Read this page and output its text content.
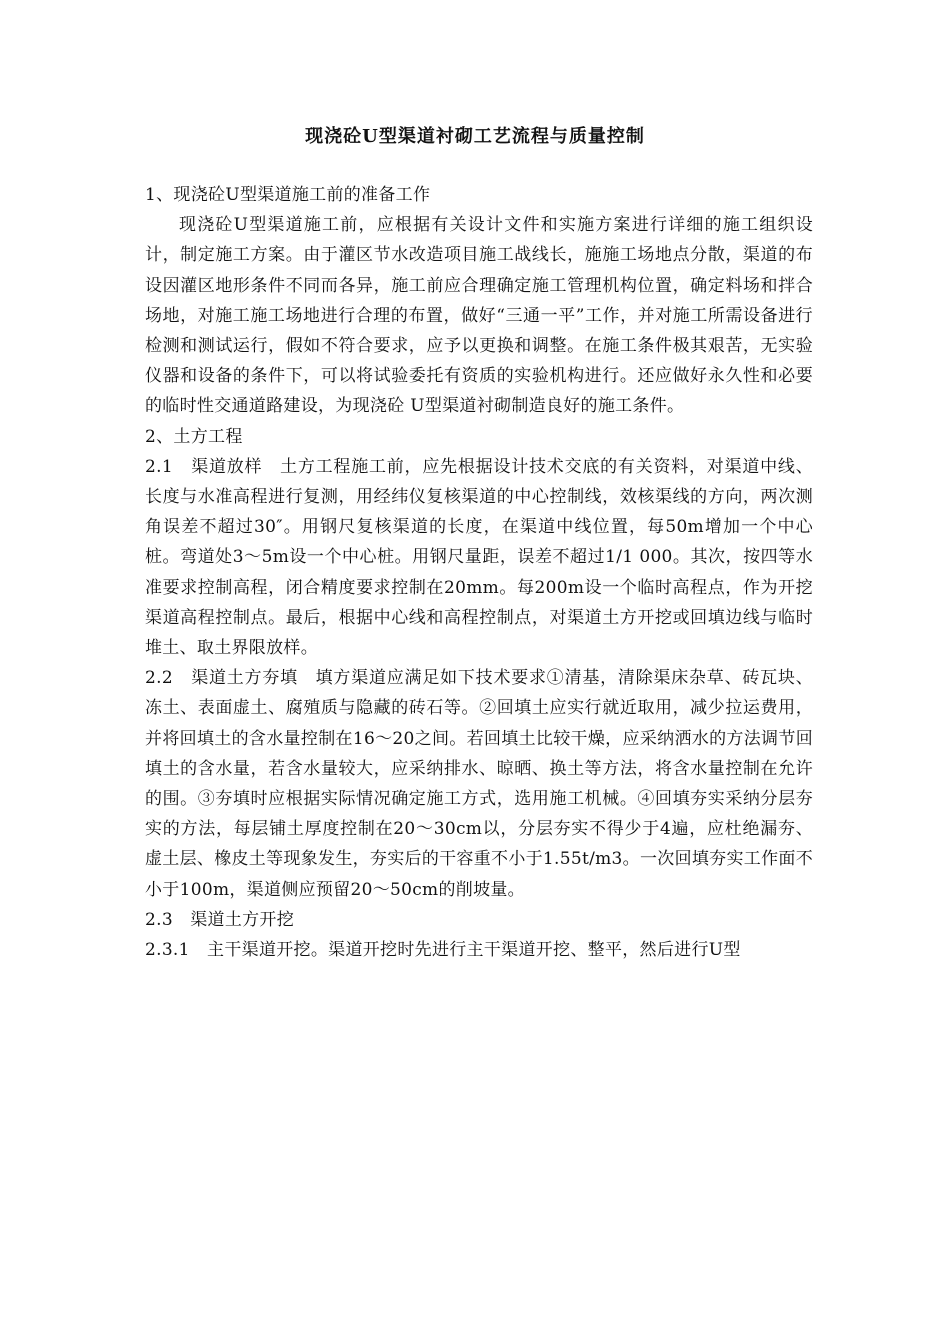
现浇砼U型渠道衬砌工艺流程与质量控制

1、现浇砼U型渠道施工前的准备工作

现浇砼U型渠道施工前，应根据有关设计文件和实施方案进行详细的施工组织设计，制定施工方案。由于灌区节水改造项目施工战线长，施施工场地点分散，渠道的布设因灌区地形条件不同而各异，施工前应合理确定施工管理机构位置，确定料场和拌合场地，对施工施工场地进行合理的布置，做好“三通一平”工作，并对施工所需设备进行检测和测试运行，假如不符合要求，应予以更换和调整。在施工条件极其艰苦，无实验仪器和设备的条件下，可以将试验委托有资质的实验机构进行。还应做好永久性和必要的临时性交通道路建设，为现浇砼 U型渠道衬砌制造良好的施工条件。

2、土方工程

2.1　渠道放样　土方工程施工前，应先根据设计技术交底的有关资料，对渠道中线、长度与水准高程进行复测，用经纬仪复核渠道的中心控制线，效核渠线的方向，两次测角误差不超过30″。用钢尺复核渠道的长度，在渠道中线位置，每50m增加一个中心桩。弯道处3～5m设一个中心桩。用钢尺量距，误差不超过1/1 000。其次，按四等水准要求控制高程，闭合精度要求控制在20mm。每200m设一个临时高程点，作为开挖渠道高程控制点。最后，根据中心线和高程控制点，对渠道土方开挖或回填边线与临时堆土、取土界限放样。

2.2　渠道土方夯填　填方渠道应满足如下技术要求①清基，清除渠床杂草、砖瓦块、冻土、表面虚土、腐殖质与隐藏的砖石等。②回填土应实行就近取用，减少拉运费用，并将回填土的含水量控制在16～20之间。若回填土比较干燥，应采纳洒水的方法调节回填土的含水量，若含水量较大，应采纳排水、晾晒、换土等方法，将含水量控制在允许的围。③夯填时应根据实际情况确定施工方式，选用施工机械。④回填夯实采纳分层夯实的方法，每层铺土厚度控制在20～30cm以，分层夯实不得少于4遍，应杜绝漏夯、虚土层、橡皮土等现象发生，夯实后的干容重不小于1.55t/m3。一次回填夯实工作面不小于100m，渠道侧应预留20～50cm的削坡量。

2.3　渠道土方开挖

2.3.1　主干渠道开挖。渠道开挖时先进行主干渠道开挖、整平，然后进行U型
